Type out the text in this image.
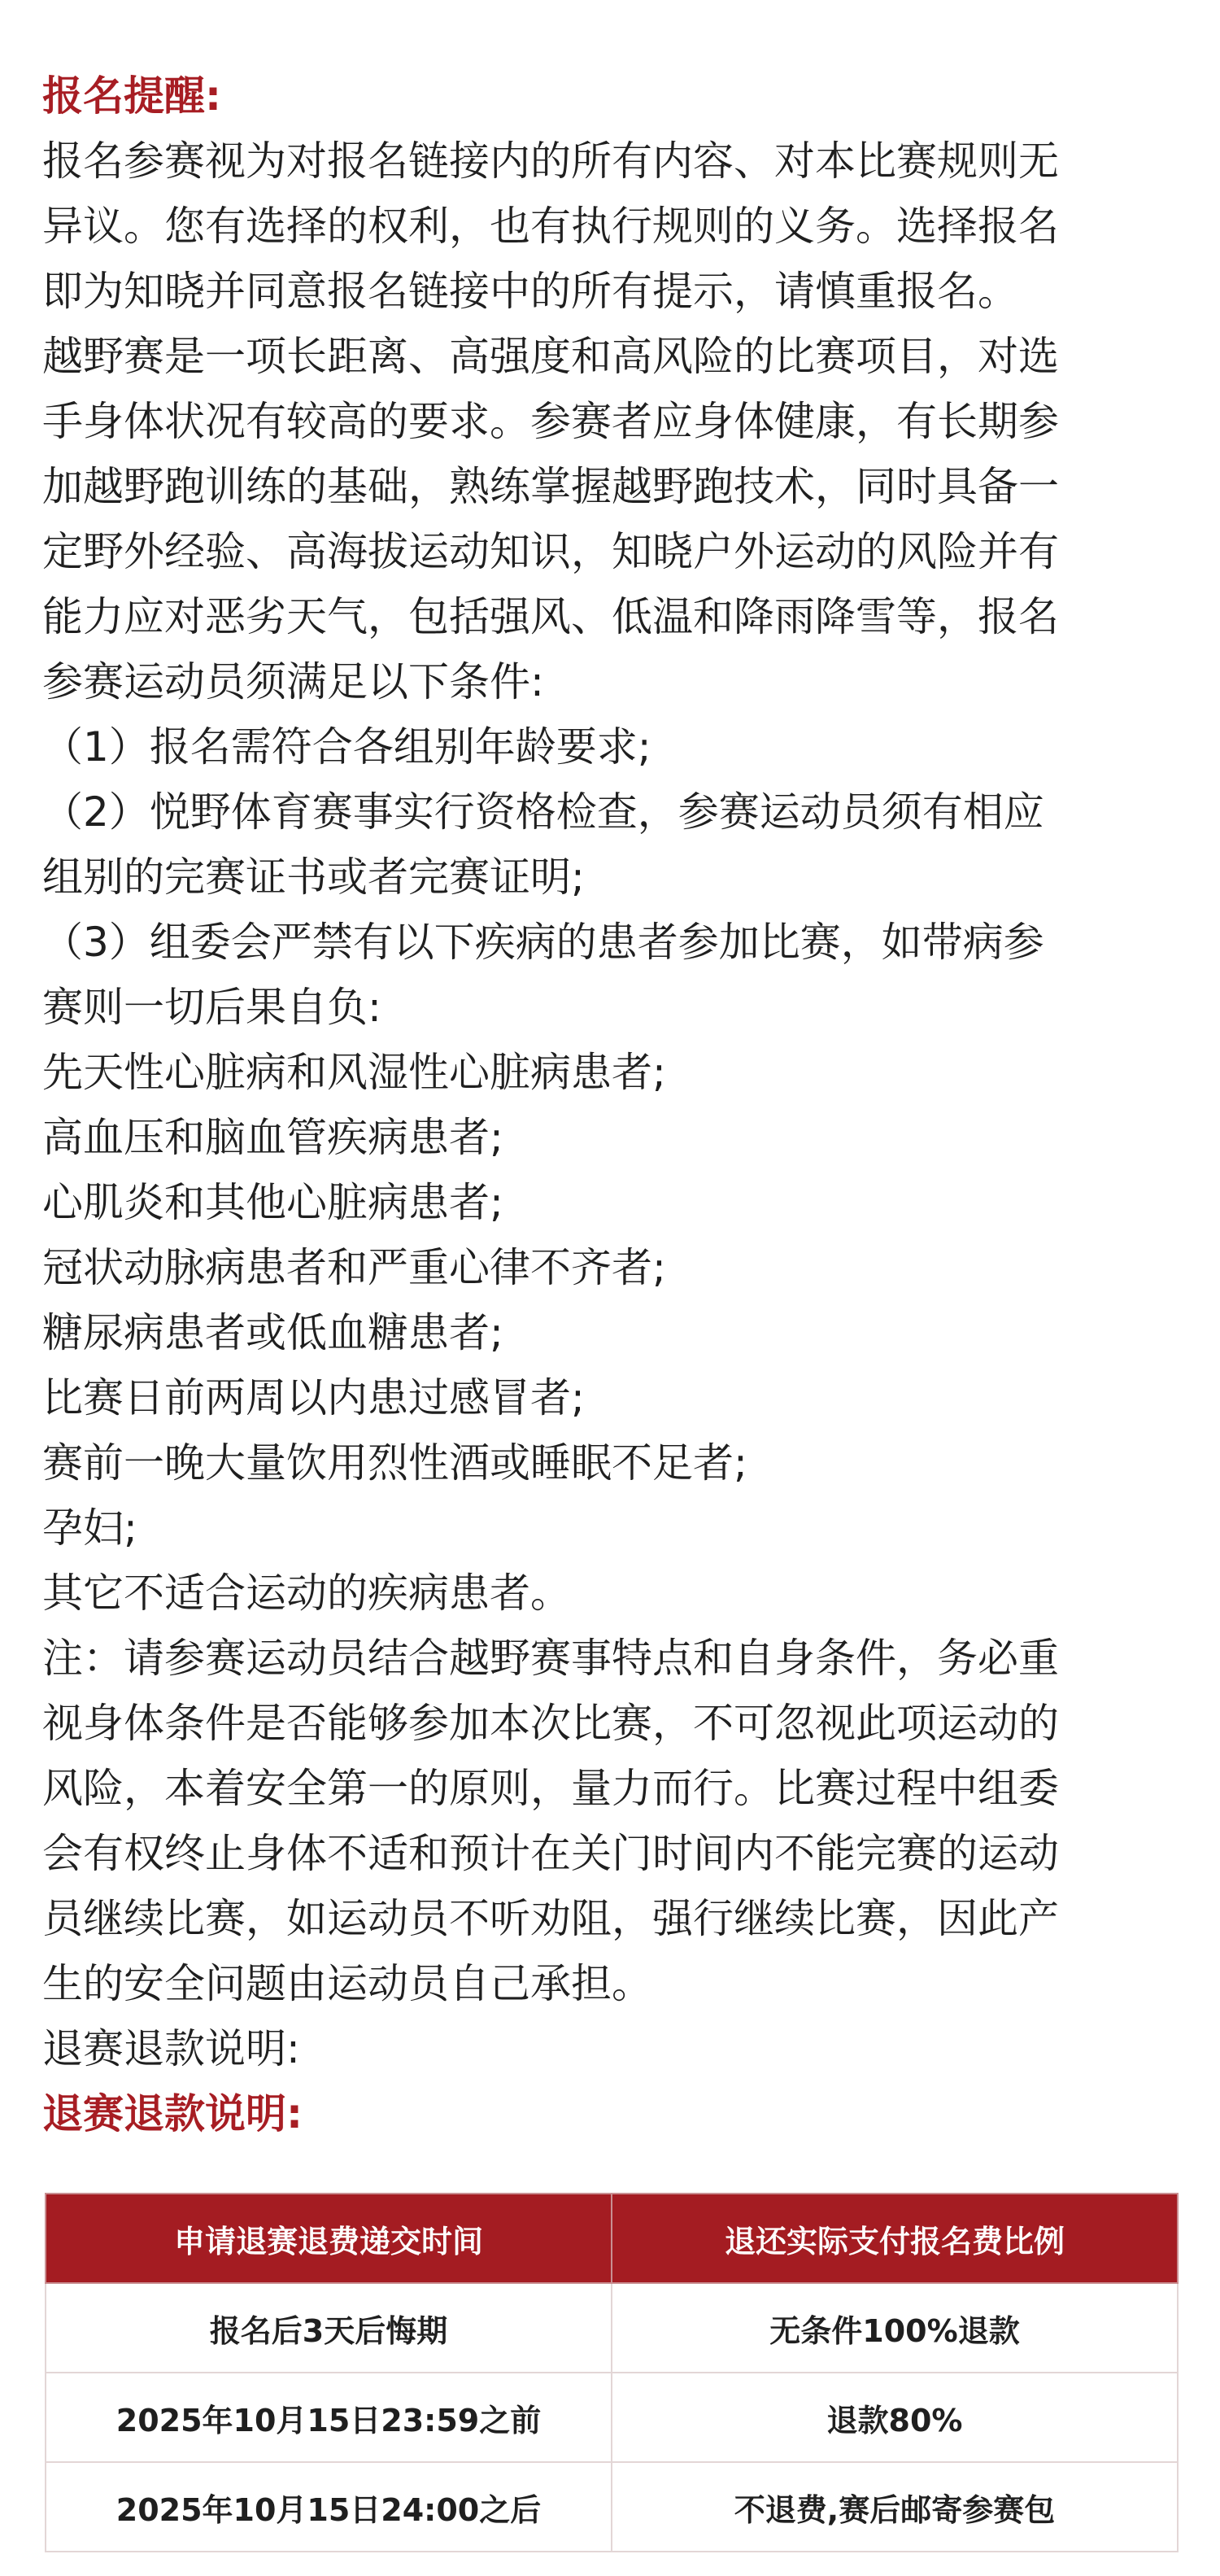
报名提醒:

报名参赛视为对报名链接内的所有内容、对本比赛规则无

异议。您有选择的权利，也有执行规则的义务。选择报名

即为知晓并同意报名链接中的所有提示，请慎重报名。

越野赛是一项长距离、高强度和高风险的比赛项目，对选

手身体状况有较高的要求。参赛者应身体健康，有长期参

加越野跑训练的基础，熟练掌握越野跑技术，同时具备一

定野外经验、高海拔运动知识，知晓户外运动的风险并有

能力应对恶劣天气，包括强风、低温和降雨降雪等，报名

参赛运动员须满足以下条件:

（1）报名需符合各组别年龄要求;

（2）悦野体育赛事实行资格检查，参赛运动员须有相应

组别的完赛证书或者完赛证明;

（3）组委会严禁有以下疾病的患者参加比赛，如带病参

赛则一切后果自负:

先天性心脏病和风湿性心脏病患者;

高血压和脑血管疾病患者;

心肌炎和其他心脏病患者;

冠状动脉病患者和严重心律不齐者;

糖尿病患者或低血糖患者;

比赛日前两周以内患过感冒者;

赛前一晚大量饮用烈性酒或睡眠不足者;

孕妇;

其它不适合运动的疾病患者。

注：请参赛运动员结合越野赛事特点和自身条件，务必重

视身体条件是否能够参加本次比赛，不可忽视此项运动的

风险，本着安全第一的原则，量力而行。比赛过程中组委

会有权终止身体不适和预计在关门时间内不能完赛的运动

员继续比赛，如运动员不听劝阻，强行继续比赛，因此产

生的安全问题由运动员自己承担。

退赛退款说明:

退赛退款说明:
申请退赛退费递交时间	退还实际支付报名费比例
报名后3天后悔期	无条件100%退款
2025年10月15日23:59之前	退款80%
2025年10月15日24:00之后	不退费,赛后邮寄参赛包
